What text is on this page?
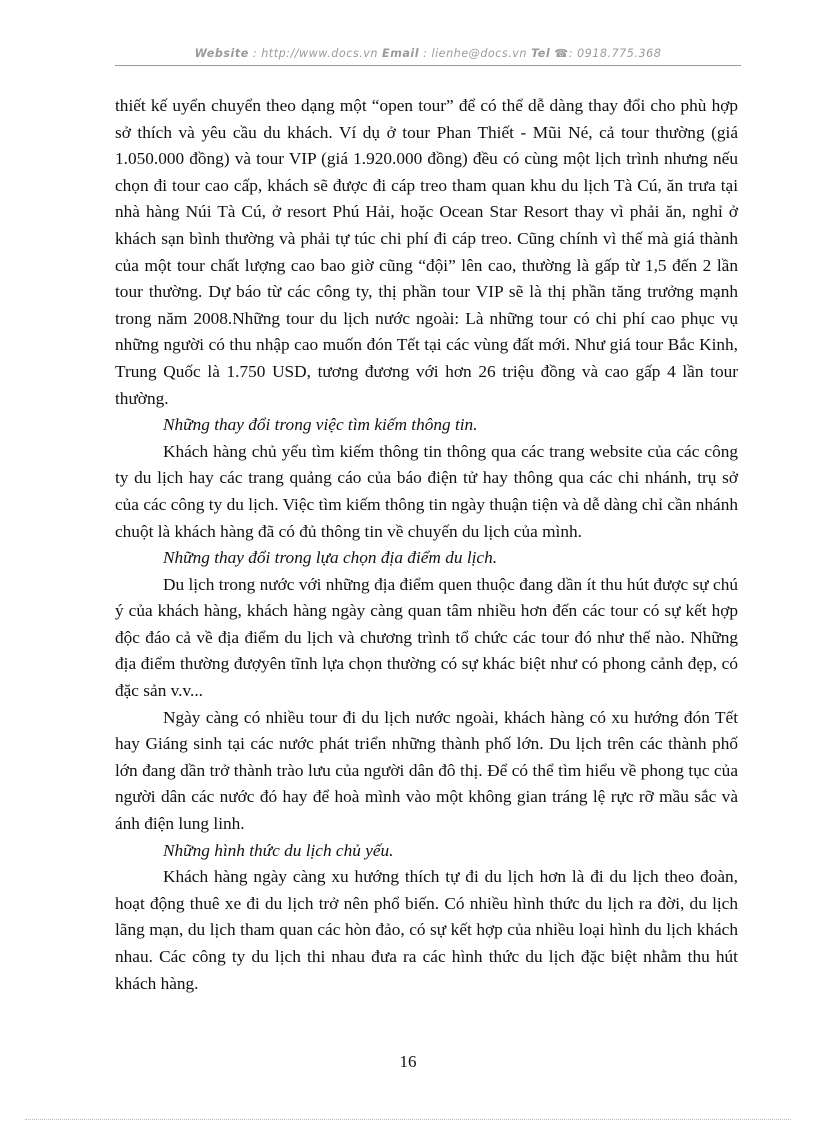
Website : http://www.docs.vn Email : lienhe@docs.vn Tel ☎: 0918.775.368

thiết kế uyển chuyển theo dạng một “open tour” để có thể dễ dàng thay đổi cho phù hợp sở thích và yêu cầu du khách. Ví dụ ở tour Phan Thiết - Mũi Né, cả tour thường (giá 1.050.000 đồng) và tour VIP (giá 1.920.000 đồng) đều có cùng một lịch trình nhưng nếu chọn đi tour cao cấp, khách sẽ được đi cáp treo tham quan khu du lịch Tà Cú, ăn trưa tại nhà hàng Núi Tà Cú, ở resort Phú Hải, hoặc Ocean Star Resort thay vì phải ăn, nghỉ ở khách sạn bình thường và phải tự túc chi phí đi cáp treo. Cũng chính vì thế mà giá thành của một tour chất lượng cao bao giờ cũng “đội” lên cao, thường là gấp từ 1,5 đến 2 lần tour thường. Dự báo từ các công ty, thị phần tour VIP sẽ là thị phần tăng trưởng mạnh trong năm 2008.Những tour du lịch nước ngoài: Là những tour có chi phí cao phục vụ những người có thu nhập cao muốn đón Tết tại các vùng đất mới. Như giá tour Bắc Kinh, Trung Quốc là 1.750 USD, tương đương với hơn 26 triệu đồng và cao gấp 4 lần tour thường.

Những thay đổi trong việc tìm kiếm thông tin.

Khách hàng chủ yếu tìm kiếm thông tin thông qua các trang website của các công ty du lịch hay các trang quảng cáo của báo điện tử hay thông qua các chi nhánh, trụ sở của các công ty du lịch. Việc tìm kiếm thông tin ngày thuận tiện và dễ dàng chỉ cần nhánh chuột là khách hàng đã có đủ thông tin về chuyến du lịch của mình.

Những thay đổi trong lựa chọn địa điểm du lịch.

Du lịch trong nước với những địa điểm quen thuộc đang dần ít thu hút được sự chú ý của khách hàng, khách hàng ngày càng quan tâm nhiều hơn đến các tour có sự kết hợp độc đáo cả về địa điểm du lịch và chương trình tổ chức các tour đó như thế nào. Những địa điểm thường đượyên tĩnh lựa chọn thường có sự khác biệt như có phong cảnh đẹp, có đặc sản v.v...

Ngày càng có nhiều tour đi du lịch nước ngoài, khách hàng có xu hướng đón Tết hay Giáng sinh tại các nước phát triển những thành phố lớn. Du lịch trên các thành phố lớn đang dần trở thành trào lưu của người dân đô thị. Để có thể tìm hiểu về phong tục của người dân các nước đó hay để hoà mình vào một không gian tráng lệ rực rỡ mầu sắc và ánh điện lung linh.

Những hình thức du lịch chủ yếu.

Khách hàng ngày càng xu hướng thích tự đi du lịch hơn là đi du lịch theo đoàn, hoạt động thuê xe đi du lịch trở nên phổ biến. Có nhiều hình thức du lịch ra đời, du lịch lãng mạn, du lịch tham quan các hòn đảo, có sự kết hợp của nhiều loại hình du lịch khách nhau. Các công ty du lịch thi nhau đưa ra các hình thức du lịch đặc biệt nhằm thu hút khách hàng.

16
